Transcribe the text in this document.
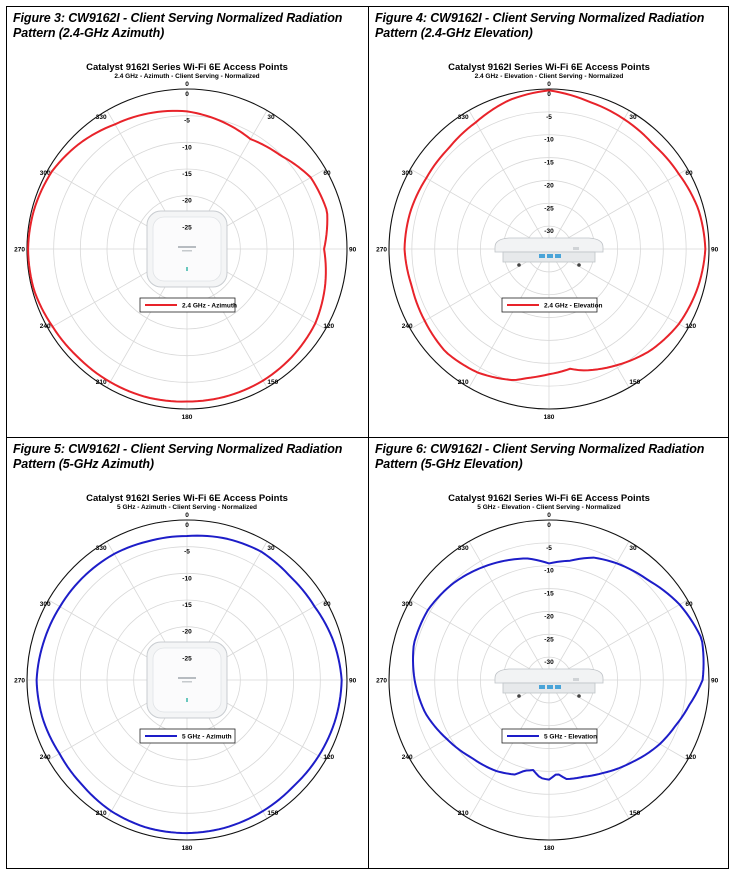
Figure 3: CW9162I - Client Serving Normalized Radiation Pattern (2.4-GHz Azimuth)
Catalyst 9162I Series Wi-Fi 6E Access Points
2.4 GHz - Azimuth - Client Serving - Normalized
0
-5
-10
-15
-20
-25
0
30
60
90
120
150
180
210
240
270
300
330
2.4 GHz - Azimuth
Figure 4: CW9162I - Client Serving Normalized Radiation Pattern (2.4-GHz Elevation)
Catalyst 9162I Series Wi-Fi 6E Access Points
2.4 GHz - Elevation - Client Serving - Normalized
0
-5
-10
-15
-20
-25
-30
0
30
60
90
120
150
180
210
240
270
300
330
2.4 GHz - Elevation
Figure 5: CW9162I - Client Serving Normalized Radiation Pattern (5-GHz Azimuth)
Catalyst 9162I Series Wi-Fi 6E Access Points
5 GHz - Azimuth - Client Serving - Normalized
0
-5
-10
-15
-20
-25
0
30
60
90
120
150
180
210
240
270
300
330
5 GHz - Azimuth
Figure 6: CW9162I - Client Serving Normalized Radiation Pattern (5-GHz Elevation)
Catalyst 9162I Series Wi-Fi 6E Access Points
5 GHz - Elevation - Client Serving - Normalized
0
-5
-10
-15
-20
-25
-30
0
30
60
90
120
150
180
210
240
270
300
330
5 GHz - Elevation
